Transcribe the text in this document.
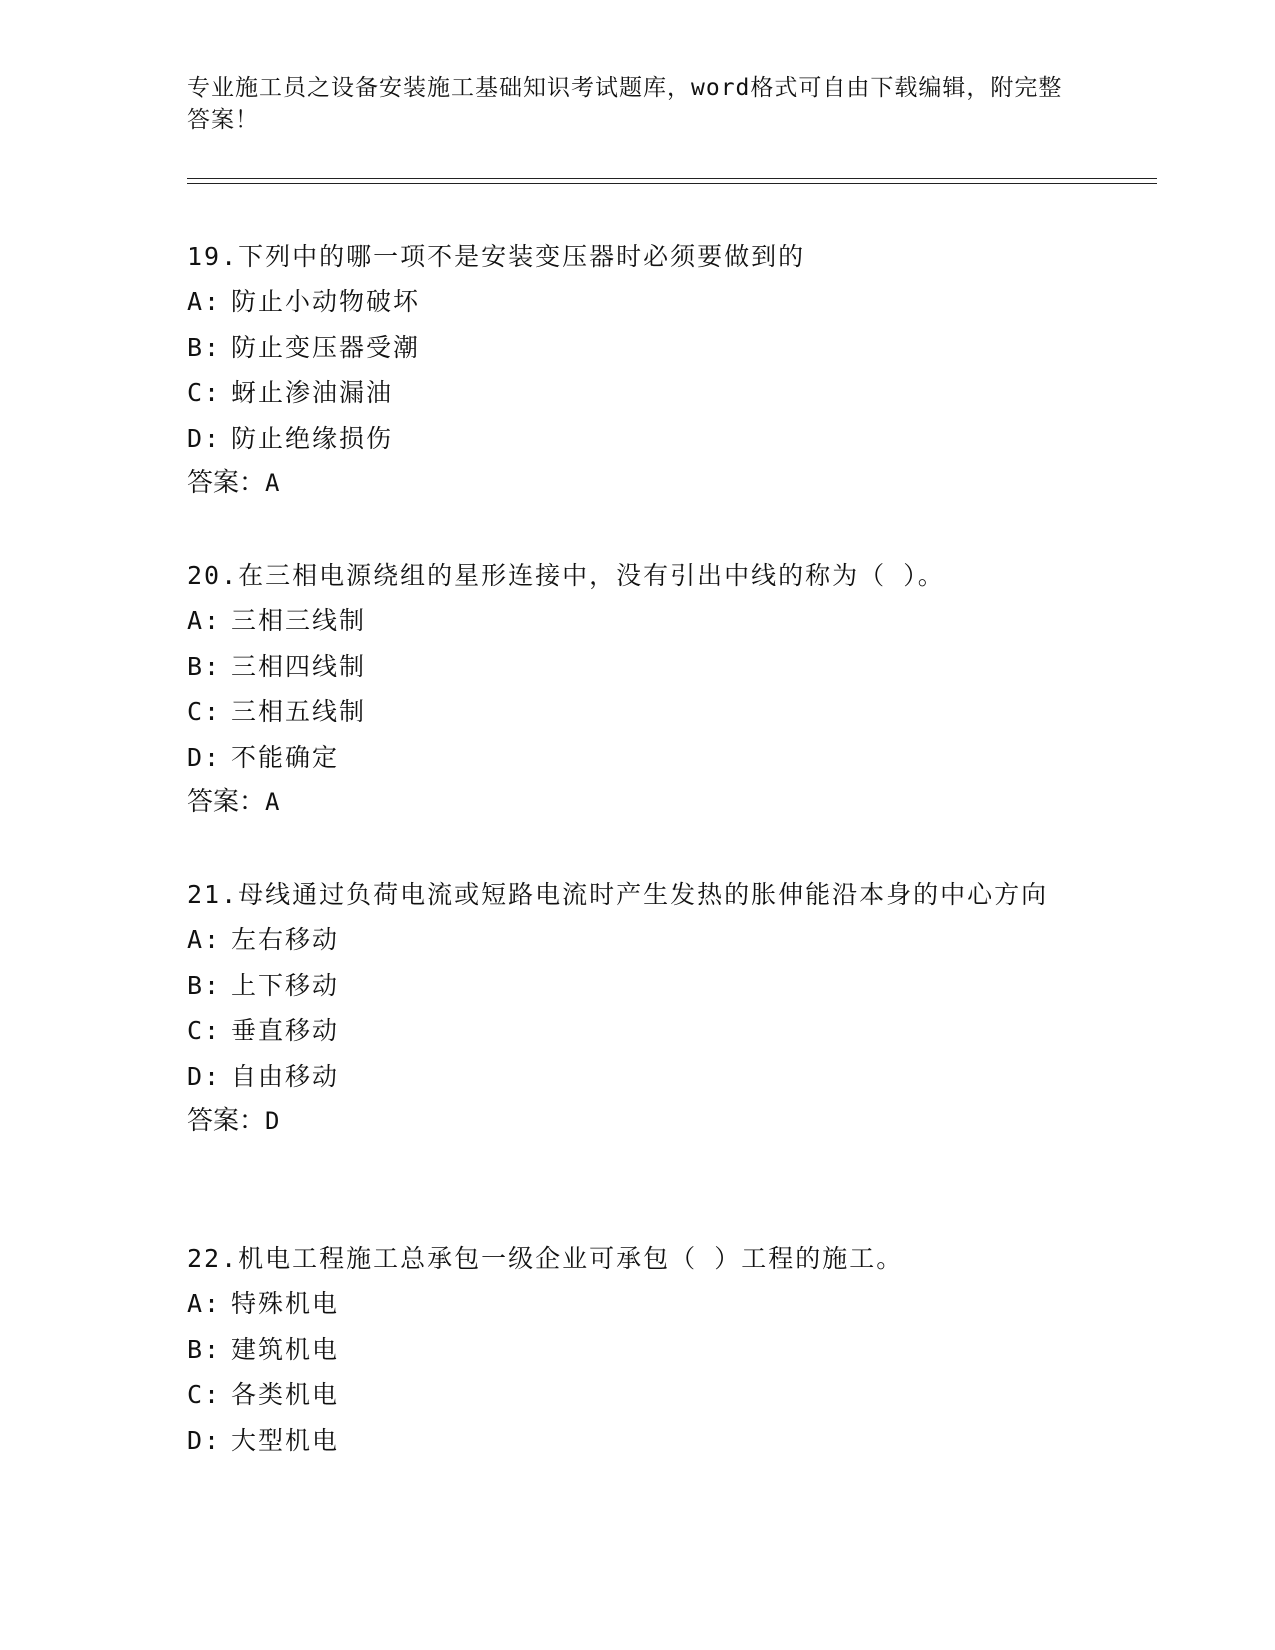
专业施工员之设备安装施工基础知识考试题库，word格式可自由下载编辑，附完整答案！

19.下列中的哪一项不是安装变压器时必须要做到的

A: 防止小动物破坏

B: 防止变压器受潮

C: 蚜止渗油漏油

D: 防止绝缘损伤

答案：A

20.在三相电源绕组的星形连接中，没有引出中线的称为（ ）。

A: 三相三线制

B: 三相四线制

C: 三相五线制

D: 不能确定

答案：A

21.母线通过负荷电流或短路电流时产生发热的胀伸能沿本身的中心方向

A: 左右移动

B: 上下移动

C: 垂直移动

D: 自由移动

答案：D

22.机电工程施工总承包一级企业可承包（ ）工程的施工。

A: 特殊机电

B: 建筑机电

C: 各类机电

D: 大型机电
